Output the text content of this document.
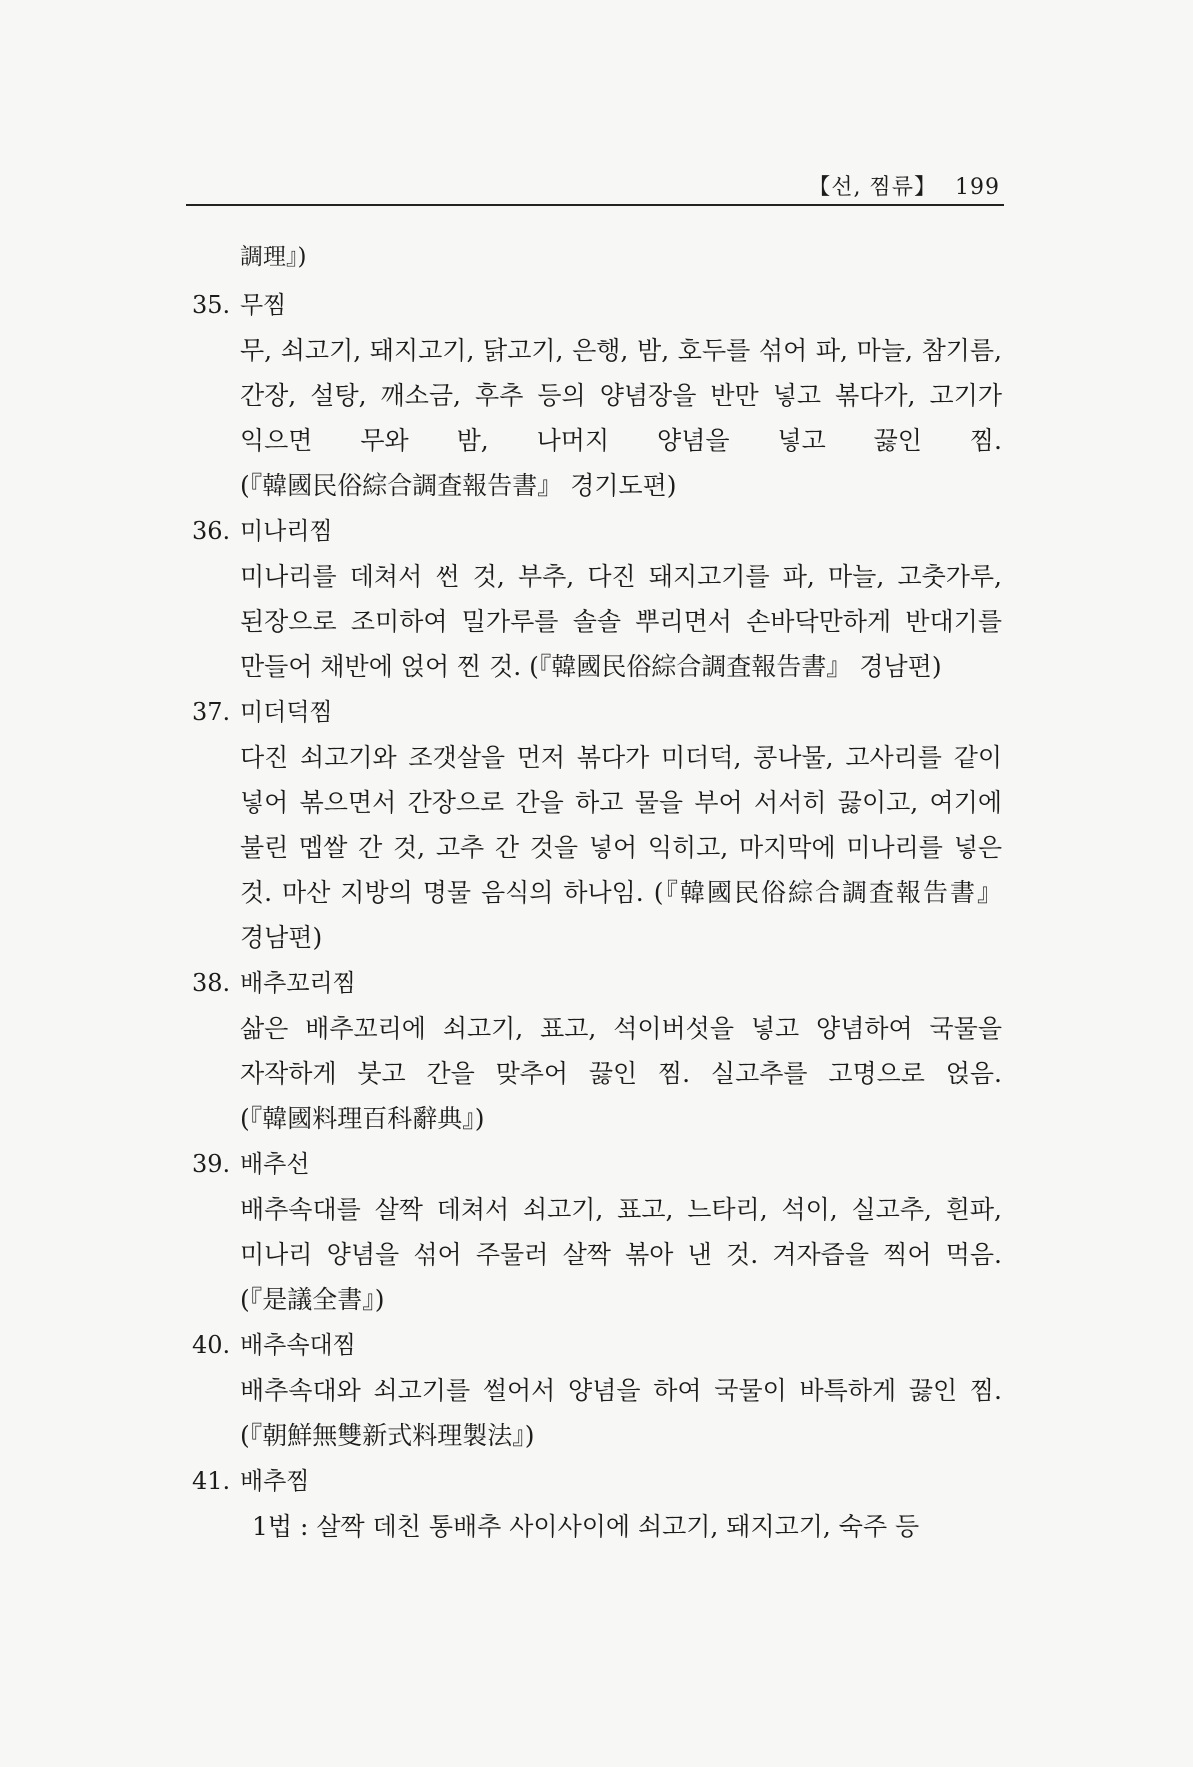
【선, 찜류】 199
調理』)
35. 무찜
무, 쇠고기, 돼지고기, 닭고기, 은행, 밤, 호두를 섞어 파, 마늘, 참기름, 간장, 설탕, 깨소금, 후추 등의 양념장을 반만 넣고 볶다가, 고기가 익으면 무와 밤, 나머지 양념을 넣고 끓인 찜. (『韓國民俗綜合調査報告書』 경기도편)
36. 미나리찜
미나리를 데쳐서 썬 것, 부추, 다진 돼지고기를 파, 마늘, 고춧가루, 된장으로 조미하여 밀가루를 솔솔 뿌리면서 손바닥만하게 반대기를 만들어 채반에 얹어 찐 것. (『韓國民俗綜合調査報告書』 경남편)
37. 미더덕찜
다진 쇠고기와 조갯살을 먼저 볶다가 미더덕, 콩나물, 고사리를 같이 넣어 볶으면서 간장으로 간을 하고 물을 부어 서서히 끓이고, 여기에 불린 멥쌀 간 것, 고추 간 것을 넣어 익히고, 마지막에 미나리를 넣은 것. 마산 지방의 명물 음식의 하나임. (『韓國民俗綜合調査報告書』 경남편)
38. 배추꼬리찜
삶은 배추꼬리에 쇠고기, 표고, 석이버섯을 넣고 양념하여 국물을 자작하게 붓고 간을 맞추어 끓인 찜. 실고추를 고명으로 얹음. (『韓國料理百科辭典』)
39. 배추선
배추속대를 살짝 데쳐서 쇠고기, 표고, 느타리, 석이, 실고추, 흰파, 미나리 양념을 섞어 주물러 살짝 볶아 낸 것. 겨자즙을 찍어 먹음. (『是議全書』)
40. 배추속대찜
배추속대와 쇠고기를 썰어서 양념을 하여 국물이 바특하게 끓인 찜. (『朝鮮無雙新式料理製法』)
41. 배추찜
1법 : 살짝 데친 통배추 사이사이에 쇠고기, 돼지고기, 숙주 등
